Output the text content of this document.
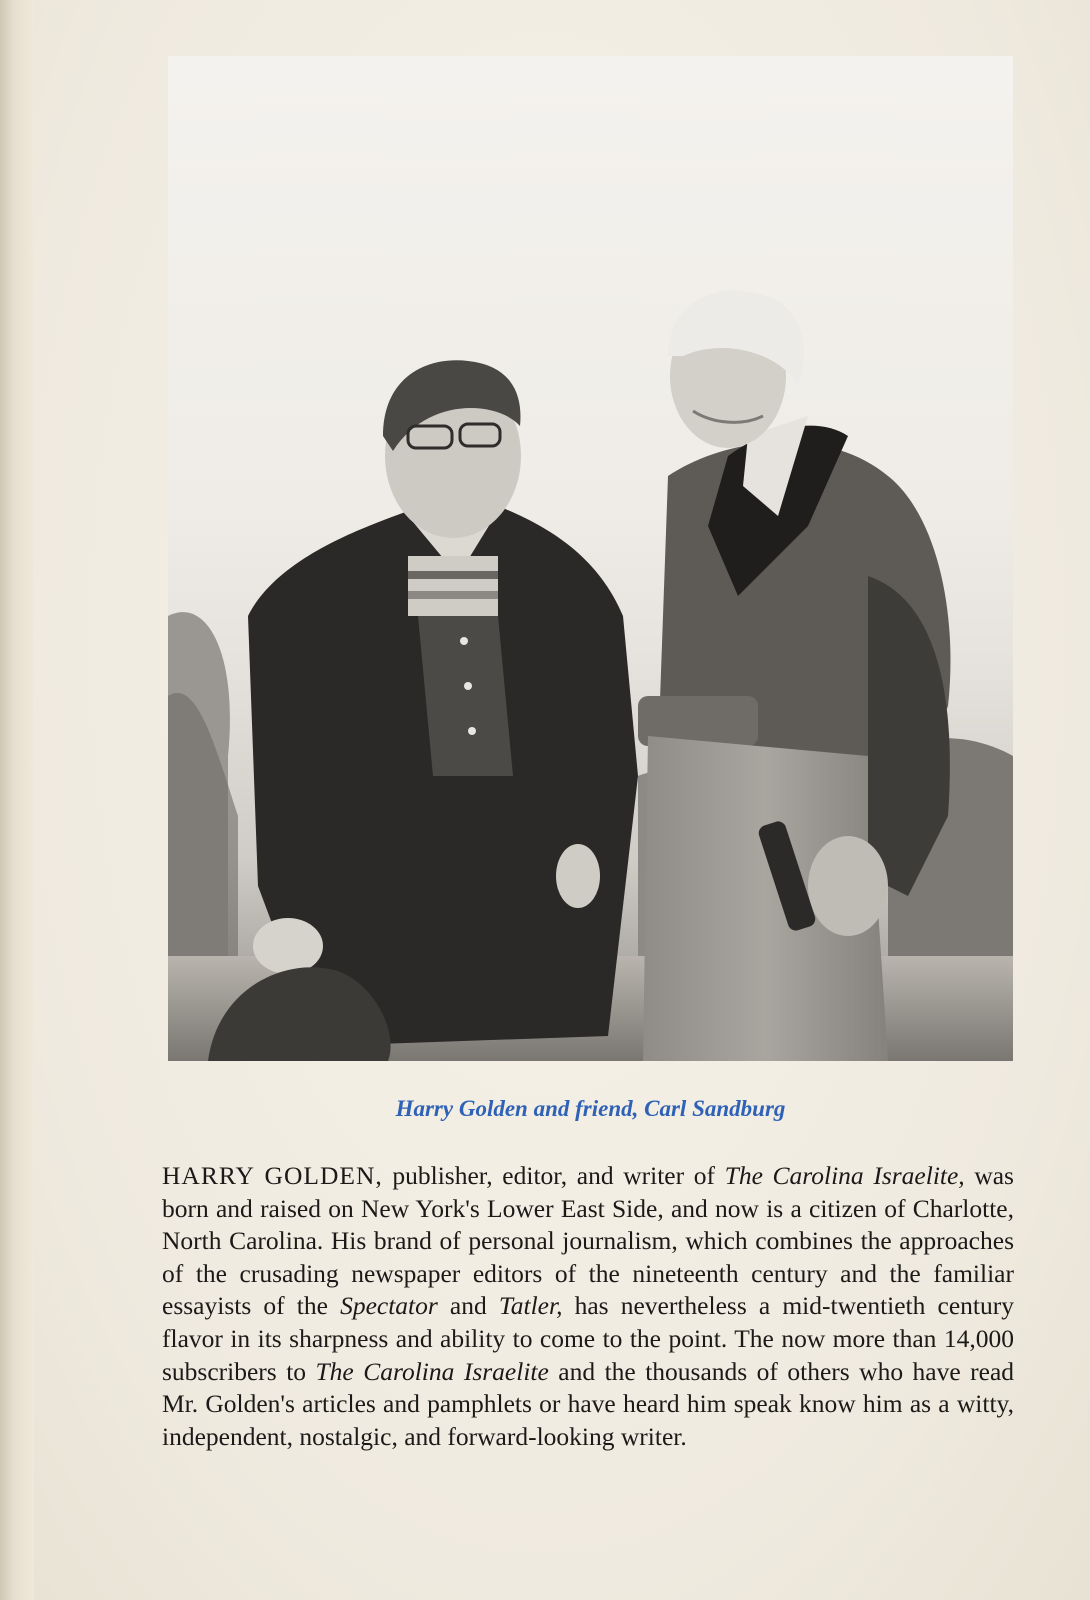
Harry Golden and friend, Carl Sandburg
HARRY GOLDEN, publisher, editor, and writer of The Carolina Israelite, was born and raised on New York's Lower East Side, and now is a citizen of Charlotte, North Carolina. His brand of personal journalism, which combines the approaches of the crusading newspaper editors of the nineteenth century and the familiar essayists of the Spectator and Tatler, has nevertheless a mid-twentieth century flavor in its sharpness and ability to come to the point. The now more than 14,000 subscribers to The Carolina Israelite and the thousands of others who have read Mr. Golden's articles and pamphlets or have heard him speak know him as a witty, independent, nostalgic, and forward-looking writer.
